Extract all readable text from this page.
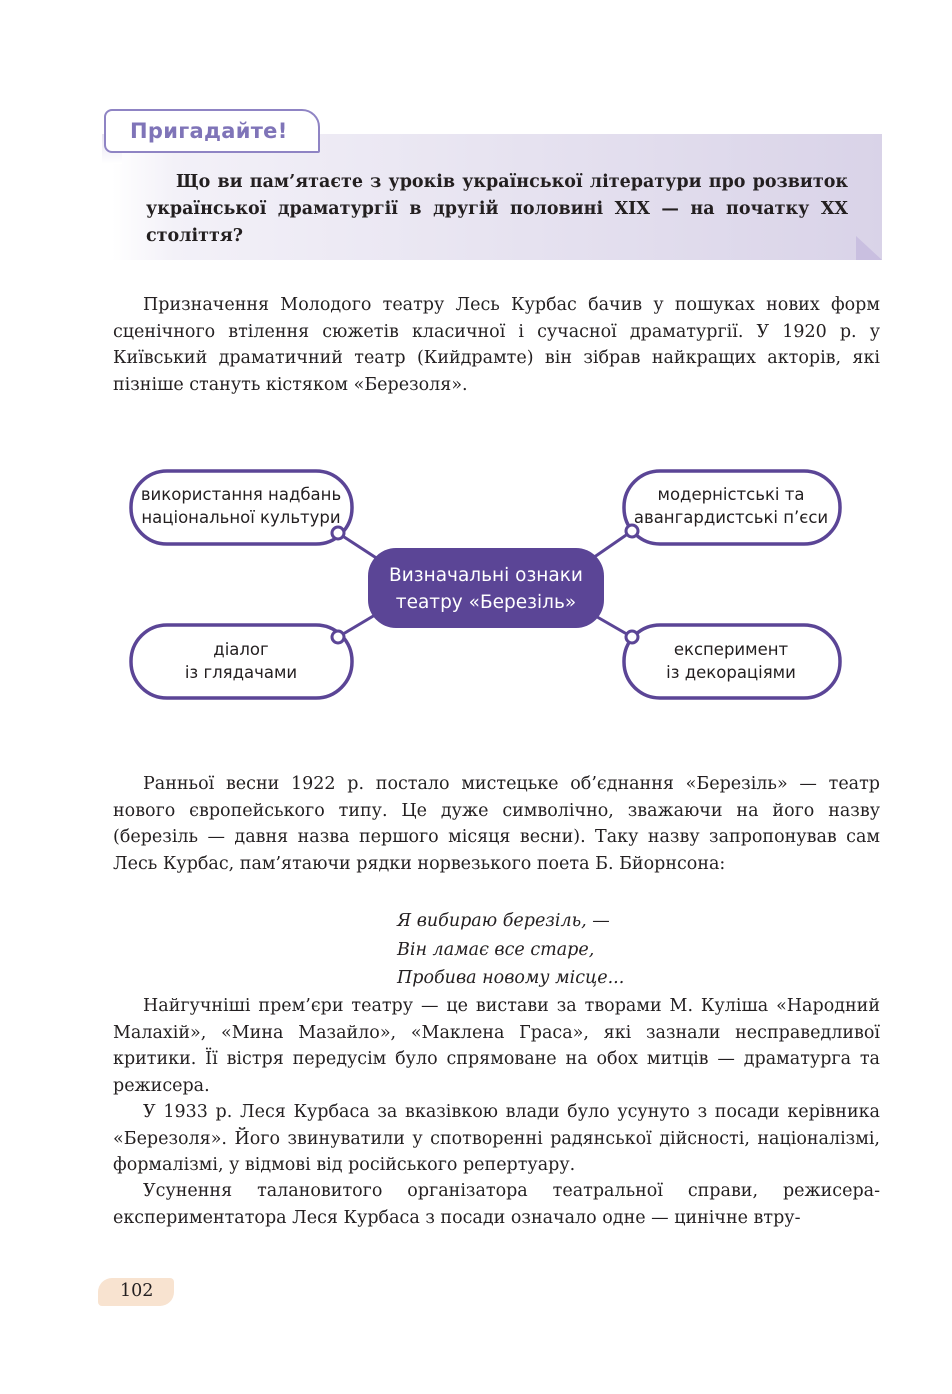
Пригадайте!

Що ви пам’ятаєте з уроків української літератури про розвиток української драматургії в другій половині XIX — на початку XX століття?

Призначення Молодого театру Лесь Курбас бачив у пошуках нових форм сценічного втілення сюжетів класичної і сучасної драматургії. У 1920 р. у Київський драматичний театр (Кийдрамте) він зібрав найкращих акторів, які пізніше стануть кістяком «Березоля».

Визначальні ознаки
театру «Березіль»
використання надбань
національної культури
модерністські та
авангардистські п’єси
діалог
із глядачами
експеримент
із декораціями

Ранньої весни 1922 р. постало мистецьке об’єднання «Березіль» — театр нового європейського типу. Це дуже символічно, зважаючи на його назву (березіль — давня назва першого місяця весни). Таку назву запропонував сам Лесь Курбас, пам’ятаючи рядки норвезького поета Б. Бйорнсона:

Я вибираю березіль, —
Він ламає все старе,
Пробива новому місце...

Найгучніші прем’єри театру — це вистави за творами М. Куліша «Народний Малахій», «Мина Мазайло», «Маклена Граса», які зазнали несправедливої критики. Її вістря передусім було спрямоване на обох митців — драматурга та режисера.

У 1933 р. Леся Курбаса за вказівкою влади було усунуто з посади керівника «Березоля». Його звинуватили у спотворенні радянської дійсності, націоналізмі, формалізмі, у відмові від російського репертуару.

Усунення талановитого організатора театральної справи, режисера-експериментатора Леся Курбаса з посади означало одне — цинічне втру-

102
